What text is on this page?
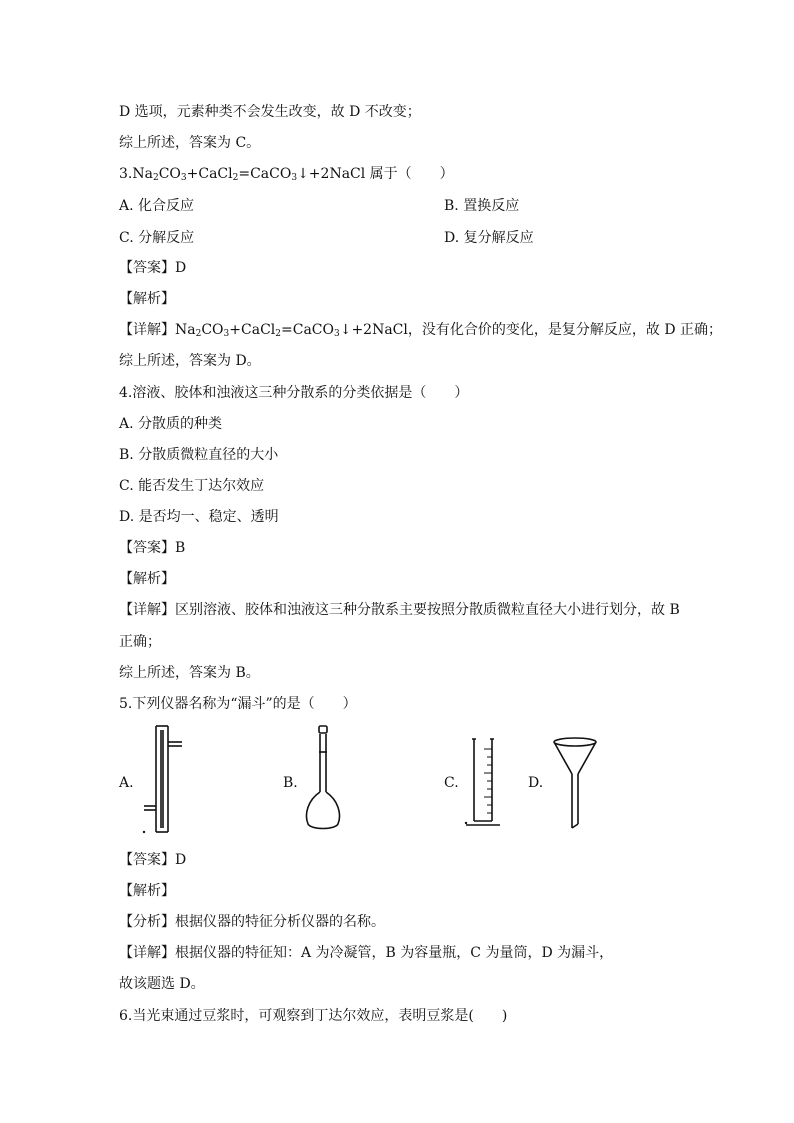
D 选项，元素种类不会发生改变，故 D 不改变；
综上所述，答案为 C。
$3.Na_2CO_3+CaCl_2=CaCO_3↓+2NaCl$ 属于（　　）
A. 化合反应	B. 置换反应
C. 分解反应	D. 复分解反应
【答案】D
【解析】
【详解】$Na_2CO_3+CaCl_2=CaCO_3↓+2NaCl$，没有化合价的变化，是复分解反应，故 D 正确；
综上所述，答案为 D。
4.溶液、胶体和浊液这三种分散系的分类依据是（　　）
A. 分散质的种类
B. 分散质微粒直径的大小
C. 能否发生丁达尔效应
D. 是否均一、稳定、透明
【答案】B
【解析】
【详解】区别溶液、胶体和浊液这三种分散系主要按照分散质微粒直径大小进行划分，故 B
正确；
综上所述，答案为 B。
5.下列仪器名称为“漏斗”的是（　　）
A.	B.	C.	D.
【答案】D
【解析】
【分析】根据仪器的特征分析仪器的名称。
【详解】根据仪器的特征知：A 为冷凝管，B 为容量瓶，C 为量筒，D 为漏斗，
故该题选 D。
6.当光束通过豆浆时，可观察到丁达尔效应，表明豆浆是(　　)
